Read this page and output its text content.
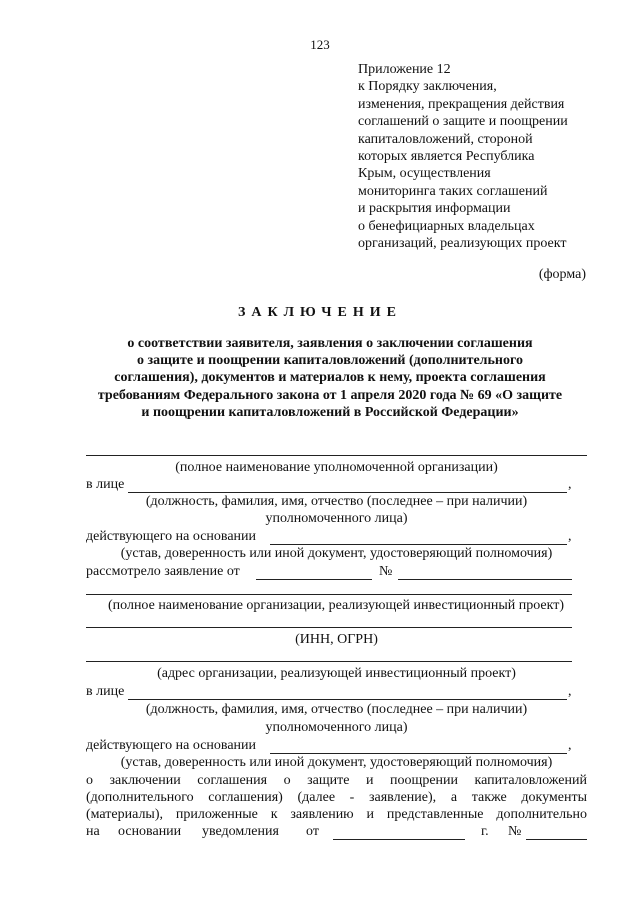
123
Приложение 12
к Порядку заключения,
изменения, прекращения действия
соглашений о защите и поощрении
капиталовложений, стороной
которых является Республика
Крым, осуществления
мониторинга таких соглашений
и раскрытия информации
о бенефициарных владельцах
организаций, реализующих проект
(форма)
ЗАКЛЮЧЕНИЕ
о соответствии заявителя, заявления о заключении соглашения
о защите и поощрении капиталовложений (дополнительного
соглашения), документов и материалов к нему, проекта соглашения
требованиям Федерального закона от 1 апреля 2020 года № 69 «О защите
и поощрении капиталовложений в Российской Федерации»
(полное наименование уполномоченной организации)
в лице	,
(должность, фамилия, имя, отчество (последнее – при наличии)
уполномоченного лица)
действующего на основании	,
(устав, доверенность или иной документ, удостоверяющий полномочия)
рассмотрело заявление от	№
(полное наименование организации, реализующей инвестиционный проект)
(ИНН, ОГРН)
(адрес организации, реализующей инвестиционный проект)
в лице	,
(должность, фамилия, имя, отчество (последнее – при наличии)
уполномоченного лица)
действующего на основании	,
(устав, доверенность или иной документ, удостоверяющий полномочия)
о заключении соглашения о защите и поощрении капиталовложений
(дополнительного соглашения) (далее - заявление), а также документы
(материалы), приложенные к заявлению и представленные дополнительно
на основании уведомления от	г. №
